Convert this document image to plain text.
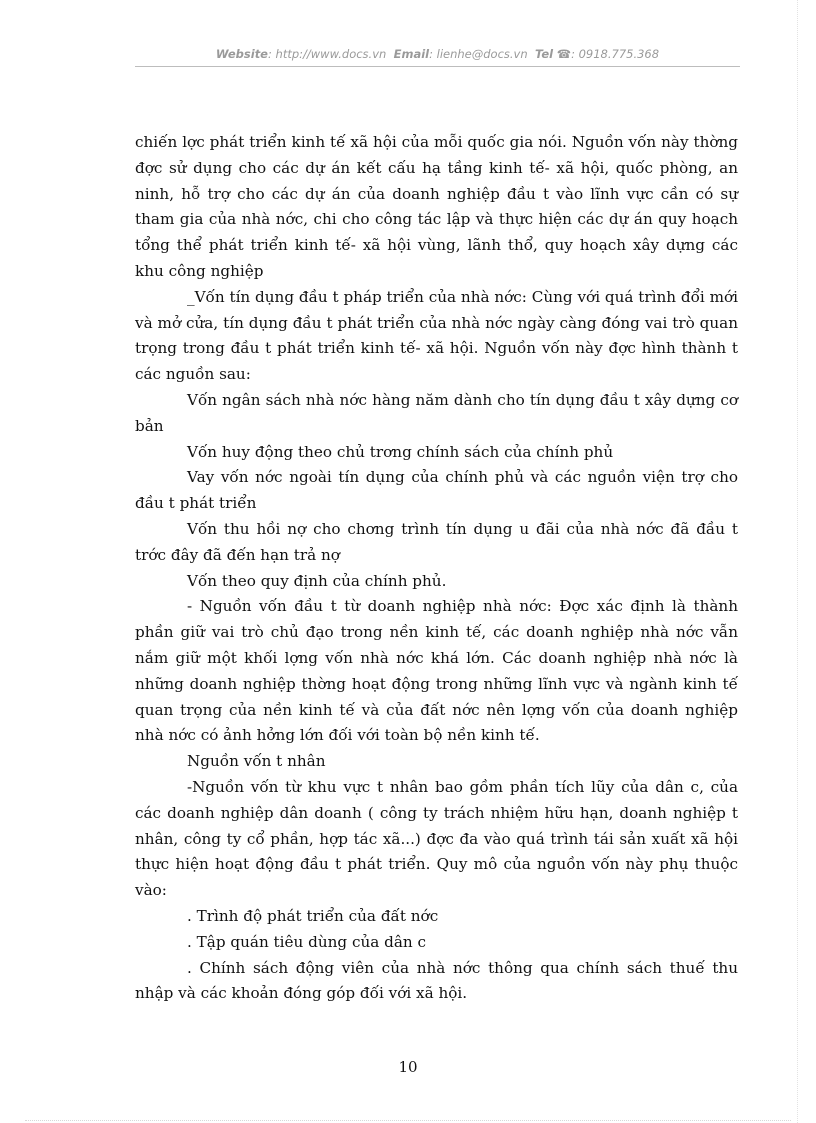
Website: http://www.docs.vn Email: lienhe@docs.vn Tel ☎: 0918.775.368

chiến lợc phát triển kinh tế xã hội của mỗi quốc gia nói. Nguồn vốn này thờng đợc sử dụng cho các dự án kết cấu hạ tầng kinh tế- xã hội, quốc phòng, an ninh, hỗ trợ cho các dự án của doanh nghiệp đầu t vào lĩnh vực cần có sự tham gia của nhà nớc, chi cho công tác lập và thực hiện các dự án quy hoạch tổng thể phát triển kinh tế- xã hội vùng, lãnh thổ, quy hoạch xây dựng các khu công nghiệp

_Vốn tín dụng đầu t pháp triển của nhà nớc: Cùng với quá trình đổi mới và mở cửa, tín dụng đầu t phát triển của nhà nớc ngày càng đóng vai trò quan trọng trong đầu t phát triển kinh tế- xã hội. Nguồn vốn này đợc hình thành t các nguồn sau:

Vốn ngân sách nhà nớc hàng năm dành cho tín dụng đầu t xây dựng cơ bản

Vốn huy động theo chủ trơng chính sách của chính phủ

Vay vốn nớc ngoài tín dụng của chính phủ và các nguồn viện trợ cho đầu t phát triển

Vốn thu hồi nợ cho chơng trình tín dụng u đãi của nhà nớc đã đầu t trớc đây đã đến hạn trả nợ

Vốn theo quy định của chính phủ.

- Nguồn vốn đầu t từ doanh nghiệp nhà nớc: Đợc xác định là thành phần giữ vai trò chủ đạo trong nền kinh tế, các doanh nghiệp nhà nớc vẫn nắm giữ một khối lợng vốn nhà nớc khá lớn. Các doanh nghiệp nhà nớc là những doanh nghiệp thờng hoạt động trong những lĩnh vực và ngành kinh tế quan trọng của nền kinh tế và của đất nớc nên lợng vốn của doanh nghiệp nhà nớc có ảnh hởng lớn đối với toàn bộ nền kinh tế.

Nguồn vốn t nhân

-Nguồn vốn từ khu vực t nhân bao gồm phần tích lũy của dân c, của các doanh nghiệp dân doanh ( công ty trách nhiệm hữu hạn, doanh nghiệp t nhân, công ty cổ phần, hợp tác xã...) đợc đa vào quá trình tái sản xuất xã hội thực hiện hoạt động đầu t phát triển. Quy mô của nguồn vốn này phụ thuộc vào:

. Trình độ phát triển của đất nớc

. Tập quán tiêu dùng của dân c

. Chính sách động viên của nhà nớc thông qua chính sách thuế thu nhập và các khoản đóng góp đối với xã hội.

10
